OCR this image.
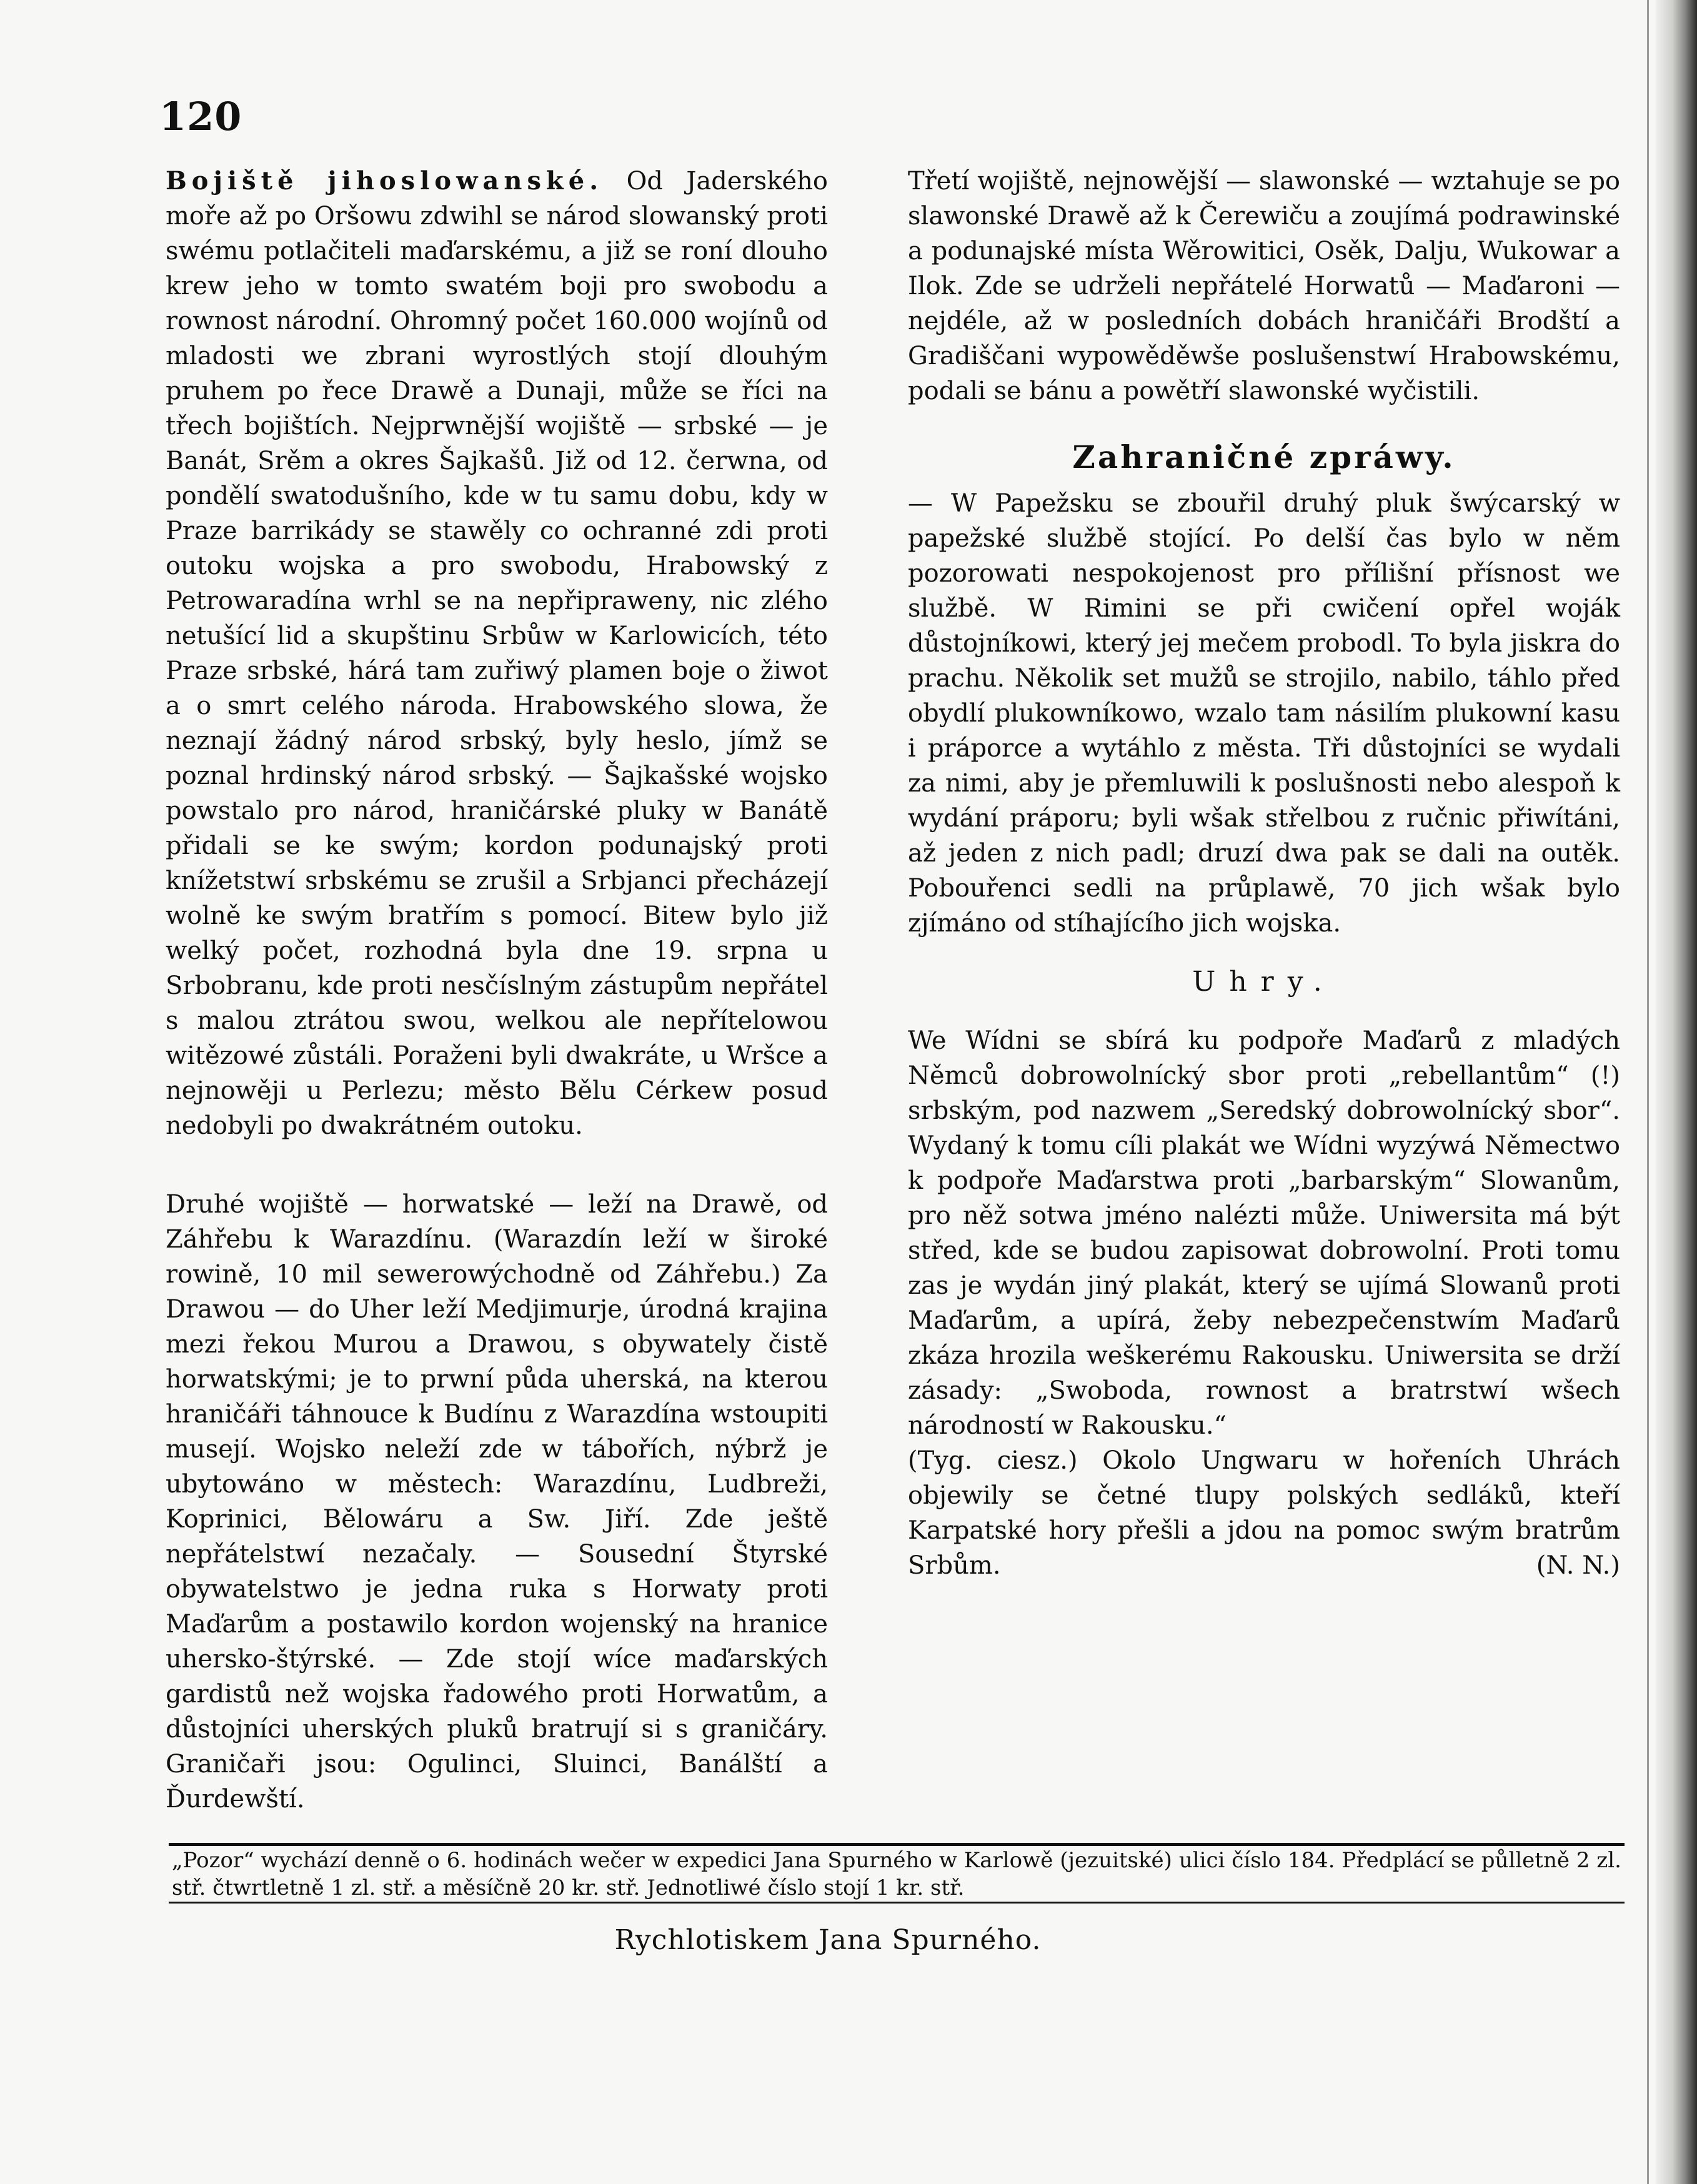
120

Bojiště jihoslowanské. Od Jaderského moře až po Oršowu zdwihl se národ slowanský proti swému potlačiteli maďarskému, a již se roní dlouho krew jeho w tomto swatém boji pro swobodu a rownost národní. Ohromný počet 160.000 wojínů od mladosti we zbrani wyrostlých stojí dlouhým pruhem po řece Drawě a Dunaji, může se říci na třech bojištích. Nejprwnější wojiště — srbské — je Banát, Srěm a okres Šajkašů. Již od 12. čerwna, od pondělí swatodušního, kde w tu samu dobu, kdy w Praze barrikády se stawěly co ochranné zdi proti outoku wojska a pro swobodu, Hrabowský z Petrowaradína wrhl se na nepřipraweny, nic zlého netušící lid a skupštinu Srbůw w Karlowicích, této Praze srbské, hárá tam zuřiwý plamen boje o žiwot a o smrt celého národa. Hrabowského slowa, že neznají žádný národ srbský, byly heslo, jímž se poznal hrdinský národ srbský. — Šajkašské wojsko powstalo pro národ, hraničárské pluky w Banátě přidali se ke swým; kordon podunajský proti knížetstwí srbskému se zrušil a Srbjanci přecházejí wolně ke swým bratřím s pomocí. Bitew bylo již welký počet, rozhodná byla dne 19. srpna u Srbobranu, kde proti nesčíslným zástupům nepřátel s malou ztrátou swou, welkou ale nepřítelowou witězowé zůstáli. Poraženi byli dwakráte, u Wršce a nejnowěji u Perlezu; město Bělu Cérkew posud nedobyli po dwakrátném outoku.

Druhé wojiště — horwatské — leží na Drawě, od Záhřebu k Warazdínu. (Warazdín leží w široké rowině, 10 mil sewerowýchodně od Záhřebu.) Za Drawou — do Uher leží Medjimurje, úrodná krajina mezi řekou Murou a Drawou, s obywately čistě horwatskými; je to prwní půda uherská, na kterou hraničáři táhnouce k Budínu z Warazdína wstoupiti musejí. Wojsko neleží zde w tábořích, nýbrž je ubytowáno w městech: Warazdínu, Ludbreži, Koprinici, Bělowáru a Sw. Jiří. Zde ještě nepřátelstwí nezačaly. — Sousední Štyrské obywatelstwo je jedna ruka s Horwaty proti Maďarům a postawilo kordon wojenský na hranice uhersko-štýrské. — Zde stojí wíce maďarských gardistů než wojska řadowého proti Horwatům, a důstojníci uherských pluků bratrují si s graničáry. Graničaři jsou: Ogulinci, Sluinci, Banálští a Ďurdewští.

Třetí wojiště, nejnowější — slawonské — wztahuje se po slawonské Drawě až k Čerewiču a zoujímá podrawinské a podunajské místa Wěrowitici, Osěk, Dalju, Wukowar a Ilok. Zde se udrželi nepřátelé Horwatů — Maďaroni — nejdéle, až w posledních dobách hraničáři Brodští a Gradiščani wypowěděwše poslušenstwí Hrabowskému, podali se bánu a powětří slawonské wyčistili.

Zahraničné zpráwy.

— W Papežsku se zbouřil druhý pluk šwýcarský w papežské službě stojící. Po delší čas bylo w něm pozorowati nespokojenost pro přílišní přísnost we službě. W Rimini se při cwičení opřel woják důstojníkowi, který jej mečem probodl. To byla jiskra do prachu. Několik set mužů se strojilo, nabilo, táhlo před obydlí plukowníkowo, wzalo tam násilím plukowní kasu i práporce a wytáhlo z města. Tři důstojníci se wydali za nimi, aby je přemluwili k poslušnosti nebo alespoň k wydání práporu; byli wšak střelbou z ručnic přiwítáni, až jeden z nich padl; druzí dwa pak se dali na outěk. Pobouřenci sedli na průplawě, 70 jich wšak bylo zjímáno od stíhajícího jich wojska.

Uhry.

We Wídni se sbírá ku podpoře Maďarů z mladých Němců dobrowolnícký sbor proti „rebellantům“ (!) srbským, pod nazwem „Seredský dobrowolnícký sbor“. Wydaný k tomu cíli plakát we Wídni wyzýwá Němectwo k podpoře Maďarstwa proti „barbarským“ Slowanům, pro něž sotwa jméno nalézti může. Uniwersita má být střed, kde se budou zapisowat dobrowolní. Proti tomu zas je wydán jiný plakát, který se ujímá Slowanů proti Maďarům, a upírá, žeby nebezpečenstwím Maďarů zkáza hrozila weškerému Rakousku. Uniwersita se drží zásady: „Swoboda, rownost a bratrstwí wšech národností w Rakousku.“

(Tyg. ciesz.) Okolo Ungwaru w hořeních Uhrách objewily se četné tlupy polských sedláků, kteří Karpatské hory přešli a jdou na pomoc swým bratrům Srbům.	(N. N.)

„Pozor“ wychází denně o 6. hodinách wečer w expedici Jana Spurného w Karlowě (jezuitské) ulici číslo 184. Předplácí se půlletně 2 zl. stř. čtwrtletně 1 zl. stř. a měsíčně 20 kr. stř. Jednotliwé číslo stojí 1 kr. stř.
Rychlotiskem Jana Spurného.
